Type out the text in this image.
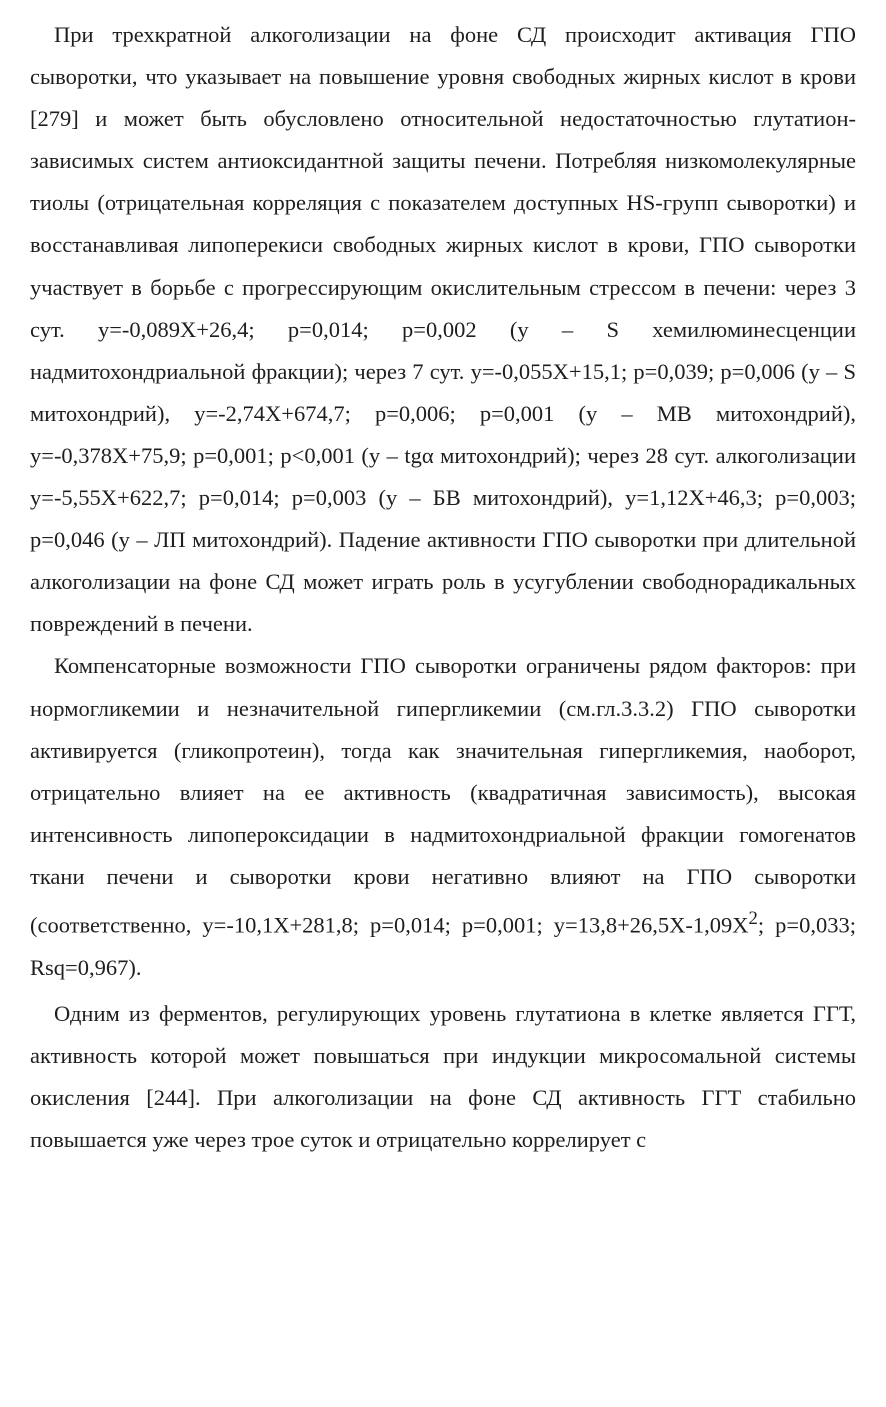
При трехкратной алкоголизации на фоне СД происходит активация ГПО сыворотки, что указывает на повышение уровня свободных жирных кислот в крови [279] и может быть обусловлено относительной недостаточностью глутатион-зависимых систем антиоксидантной защиты печени. Потребляя низкомолекулярные тиолы (отрицательная корреляция с показателем доступных HS-групп сыворотки) и восстанавливая липоперекиси свободных жирных кислот в крови, ГПО сыворотки участвует в борьбе с прогрессирующим окислительным стрессом в печени: через 3 сут. y=-0,089X+26,4; p=0,014; p=0,002 (y – S хемилюминесценции надмитохондриальной фракции); через 7 сут. y=-0,055X+15,1; p=0,039; p=0,006 (y – S митохондрий), y=-2,74X+674,7; p=0,006; p=0,001 (y – MB митохондрий), y=-0,378X+75,9; p=0,001; p<0,001 (y – tgα митохондрий); через 28 сут. алкоголизации y=-5,55X+622,7; p=0,014; p=0,003 (y – БВ митохондрий), y=1,12X+46,3; p=0,003; p=0,046 (y – ЛП митохондрий). Падение активности ГПО сыворотки при длительной алкоголизации на фоне СД может играть роль в усугублении свободнорадикальных повреждений в печени.

Компенсаторные возможности ГПО сыворотки ограничены рядом факторов: при нормогликемии и незначительной гипергликемии (см.гл.3.3.2) ГПО сыворотки активируется (гликопротеин), тогда как значительная гипергликемия, наоборот, отрицательно влияет на ее активность (квадратичная зависимость), высокая интенсивность липопероксидации в надмитохондриальной фракции гомогенатов ткани печени и сыворотки крови негативно влияют на ГПО сыворотки (соответственно, y=-10,1X+281,8; p=0,014; p=0,001; $y=13,8+26,5X-1,09X^2$; p=0,033; Rsq=0,967).

Одним из ферментов, регулирующих уровень глутатиона в клетке является ГГТ, активность которой может повышаться при индукции микросомальной системы окисления [244]. При алкоголизации на фоне СД активность ГГТ стабильно повышается уже через трое суток и отрицательно коррелирует с
